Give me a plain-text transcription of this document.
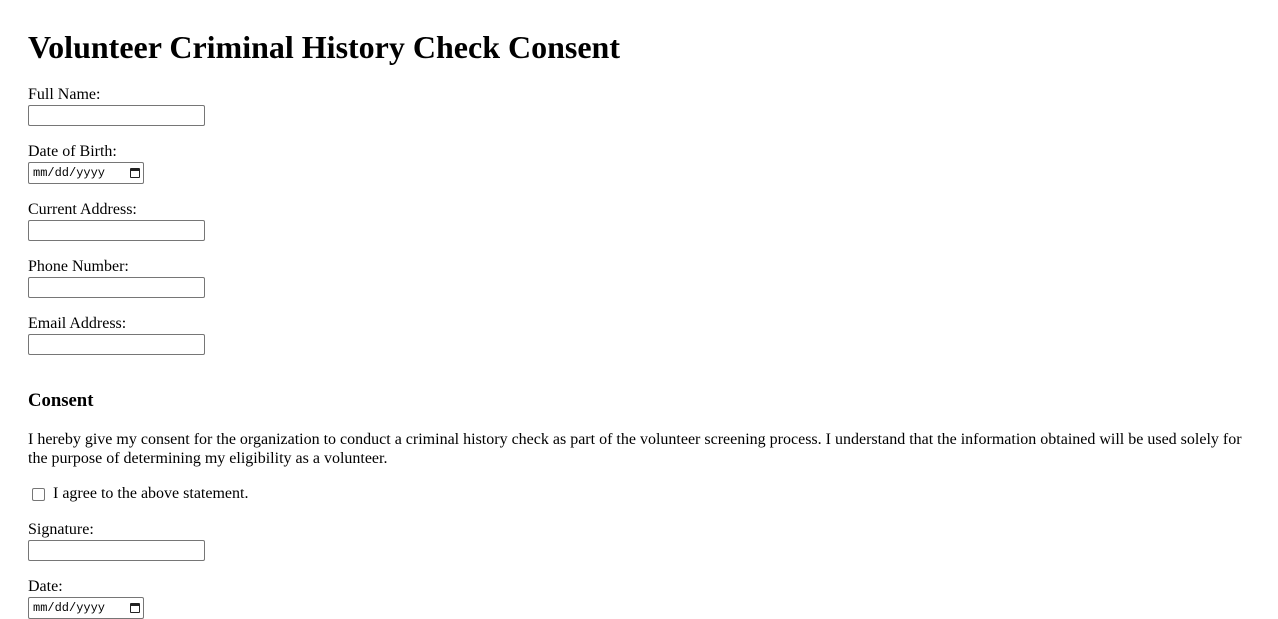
Volunteer Criminal History Check Consent
Full Name:
Date of Birth:
mm/dd/yyyy
Current Address:
Phone Number:
Email Address:
Consent

I hereby give my consent for the organization to conduct a criminal history check as part of the volunteer screening process. I understand that the information obtained will be used solely for the purpose of determining my eligibility as a volunteer.

I agree to the above statement.
Signature:
Date:
mm/dd/yyyy
